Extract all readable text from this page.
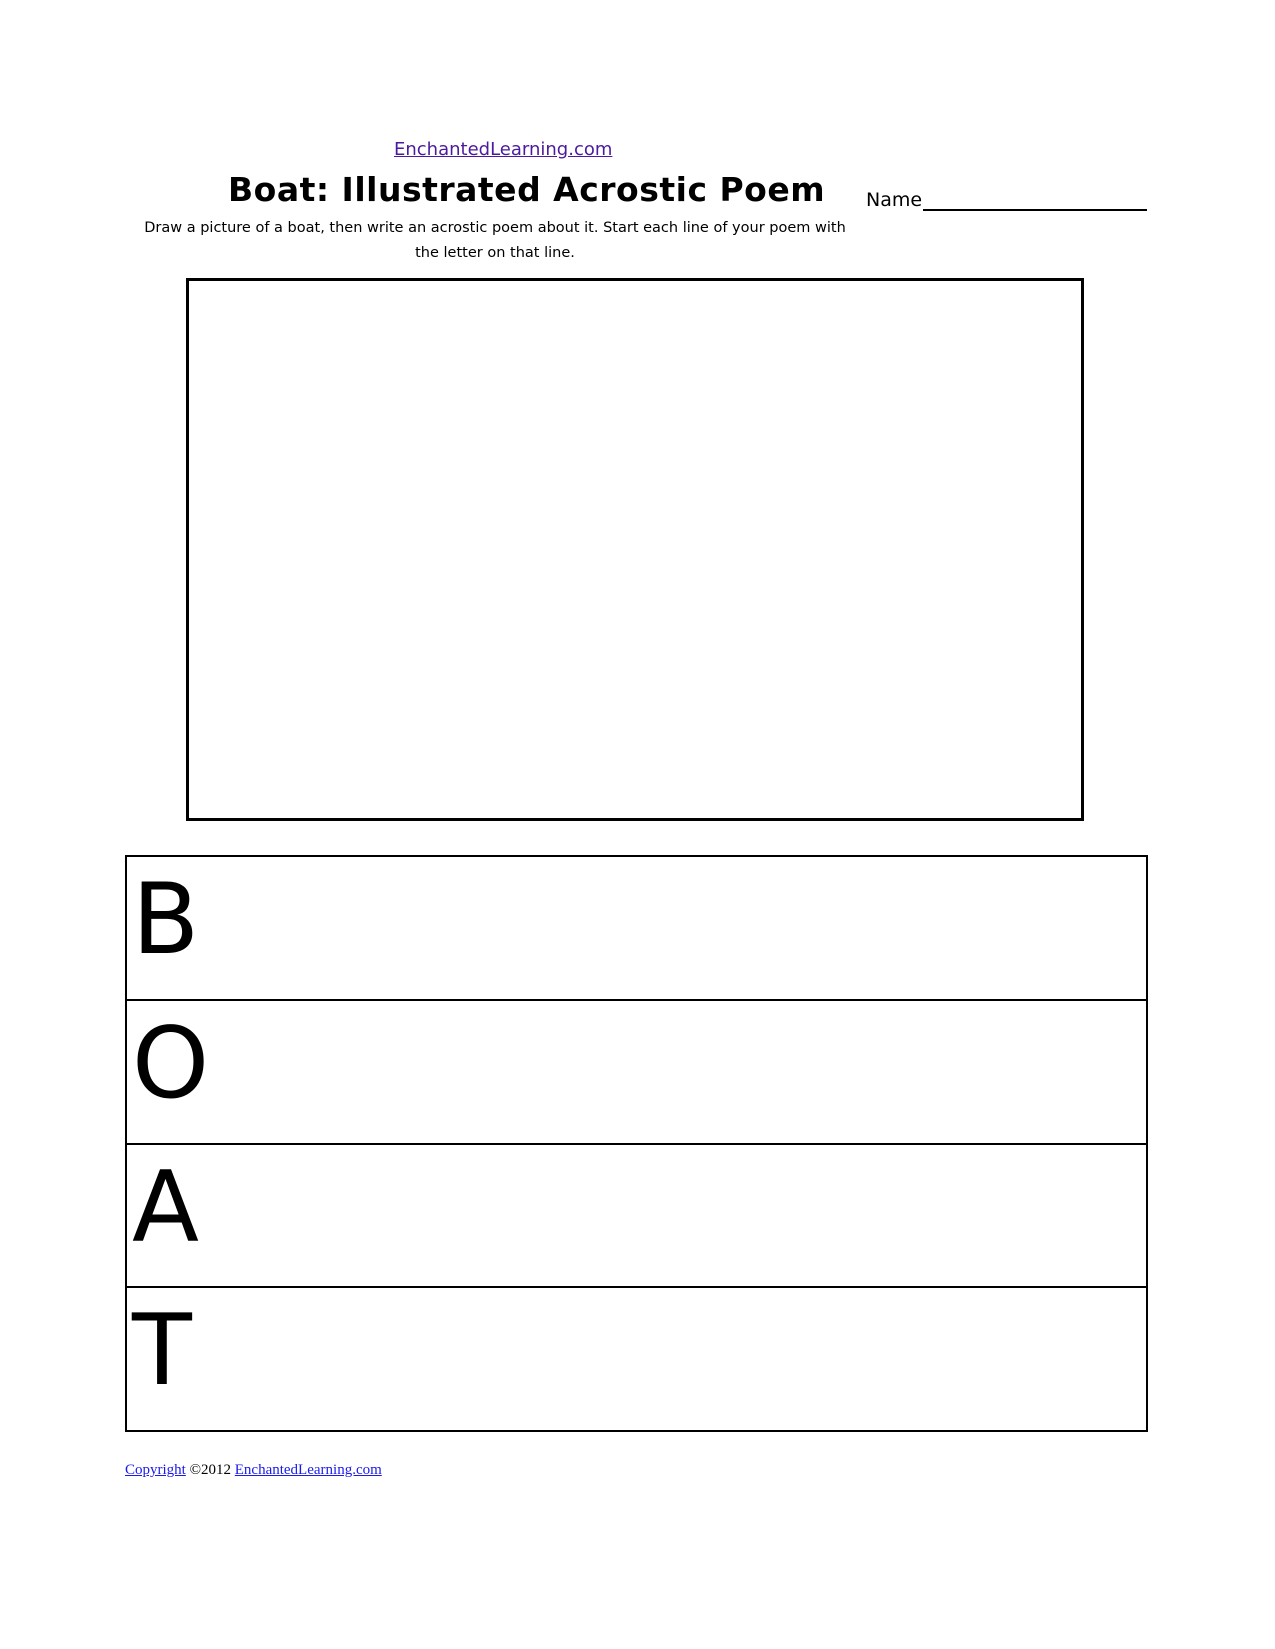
EnchantedLearning.com
Boat: Illustrated Acrostic Poem
Draw a picture of a boat, then write an acrostic poem about it. Start each line of your poem with the letter on that line.
Name
B
O
A
T
Copyright ©2012 EnchantedLearning.com
